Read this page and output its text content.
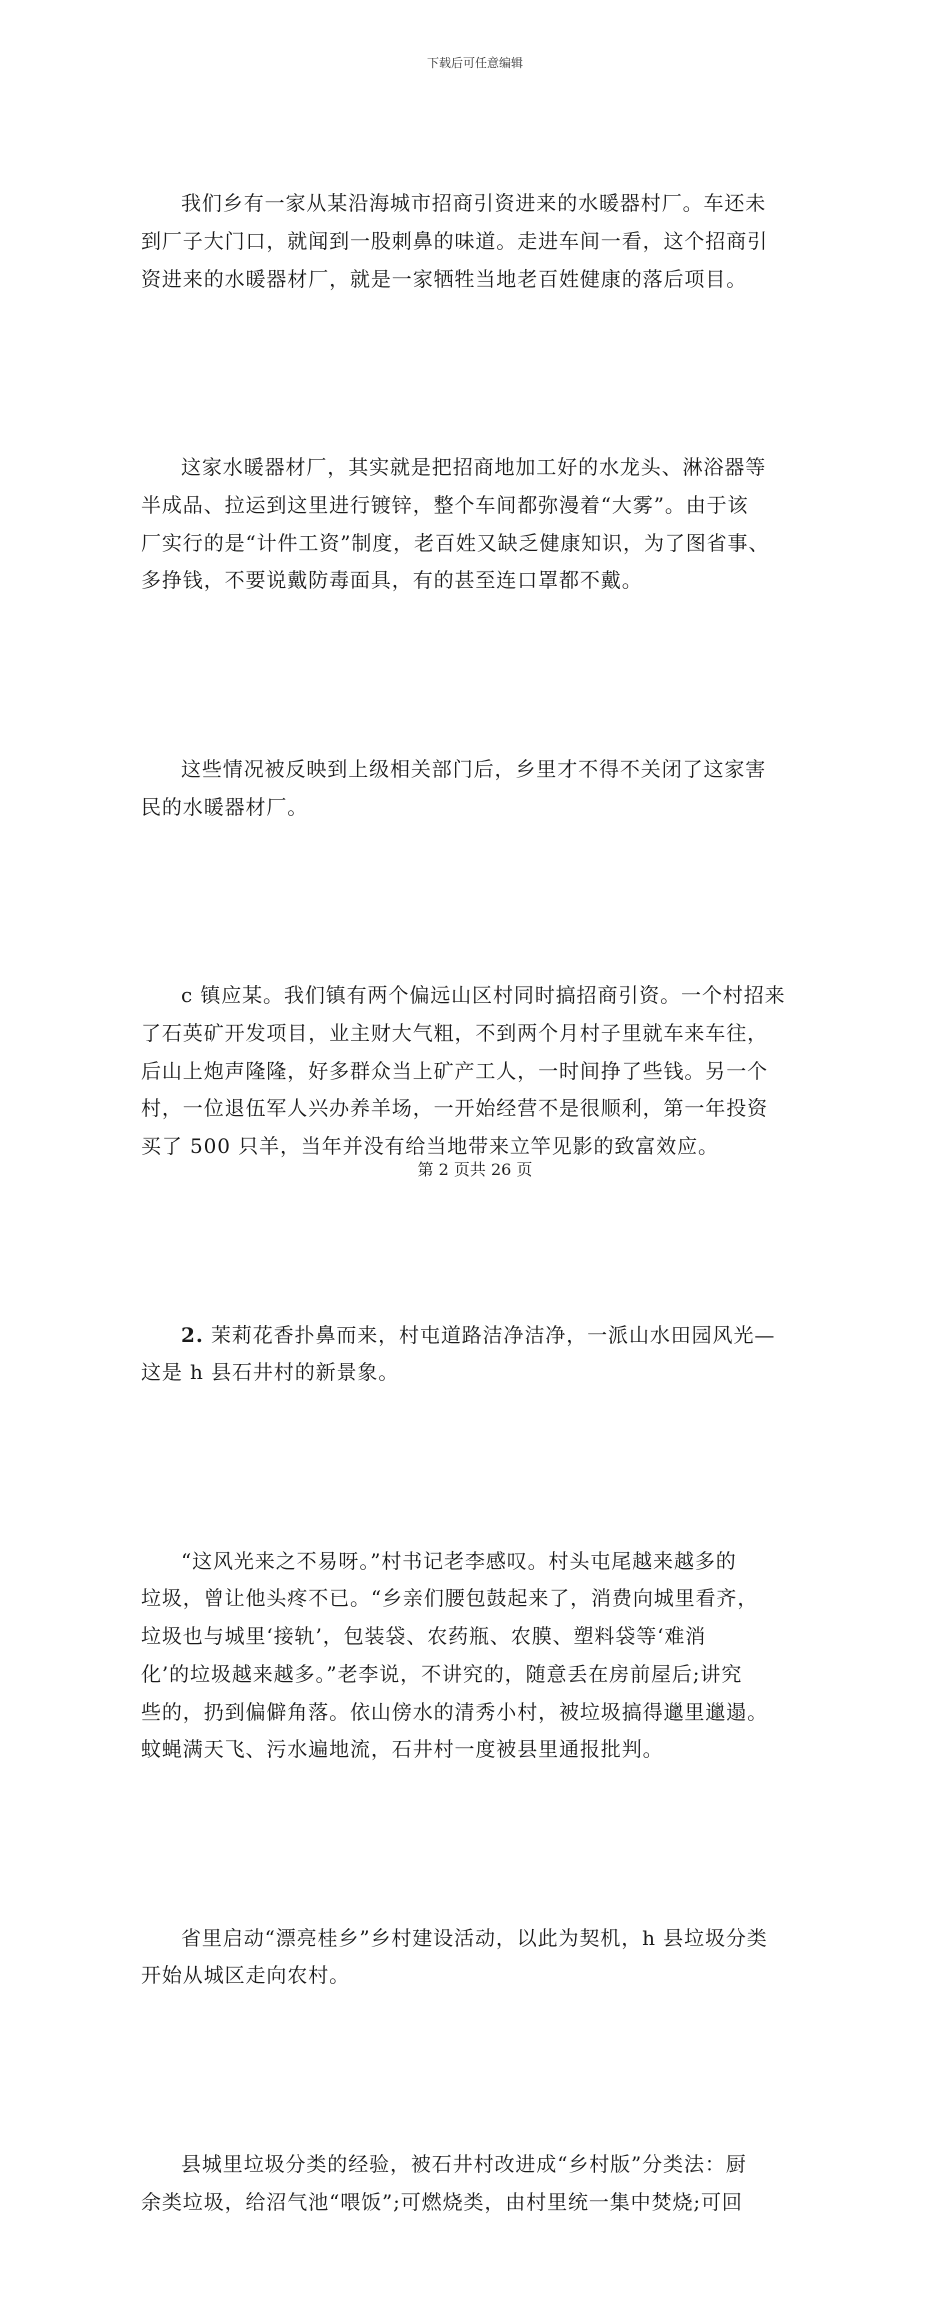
下载后可任意编辑

我们乡有一家从某沿海城市招商引资进来的水暖器村厂。车还未
到厂子大门口，就闻到一股刺鼻的味道。走进车间一看，这个招商引
资进来的水暖器材厂，就是一家牺牲当地老百姓健康的落后项目。

这家水暖器材厂，其实就是把招商地加工好的水龙头、淋浴器等
半成品、拉运到这里进行镀锌，整个车间都弥漫着“大雾”。由于该
厂实行的是“计件工资”制度，老百姓又缺乏健康知识，为了图省事、
多挣钱，不要说戴防毒面具，有的甚至连口罩都不戴。

这些情况被反映到上级相关部门后，乡里才不得不关闭了这家害
民的水暖器材厂。

c 镇应某。我们镇有两个偏远山区村同时搞招商引资。一个村招来
了石英矿开发项目，业主财大气粗，不到两个月村子里就车来车往，
后山上炮声隆隆，好多群众当上矿产工人，一时间挣了些钱。另一个
村，一位退伍军人兴办养羊场，一开始经营不是很顺利，第一年投资
买了 500 只羊，当年并没有给当地带来立竿见影的致富效应。

2. 茉莉花香扑鼻而来，村屯道路洁净洁净，一派山水田园风光—
这是 h 县石井村的新景象。

“这风光来之不易呀。”村书记老李感叹。村头屯尾越来越多的
垃圾，曾让他头疼不已。“乡亲们腰包鼓起来了，消费向城里看齐，
垃圾也与城里‘接轨’，包装袋、农药瓶、农膜、塑料袋等‘难消
化’的垃圾越来越多。”老李说，不讲究的，随意丢在房前屋后;讲究
些的，扔到偏僻角落。依山傍水的清秀小村，被垃圾搞得邋里邋遢。
蚊蝇满天飞、污水遍地流，石井村一度被县里通报批判。

省里启动“漂亮桂乡”乡村建设活动，以此为契机，h 县垃圾分类
开始从城区走向农村。

县城里垃圾分类的经验，被石井村改进成“乡村版”分类法：厨
余类垃圾，给沼气池“喂饭”;可燃烧类，由村里统一集中焚烧;可回

第 2 页共 26 页
